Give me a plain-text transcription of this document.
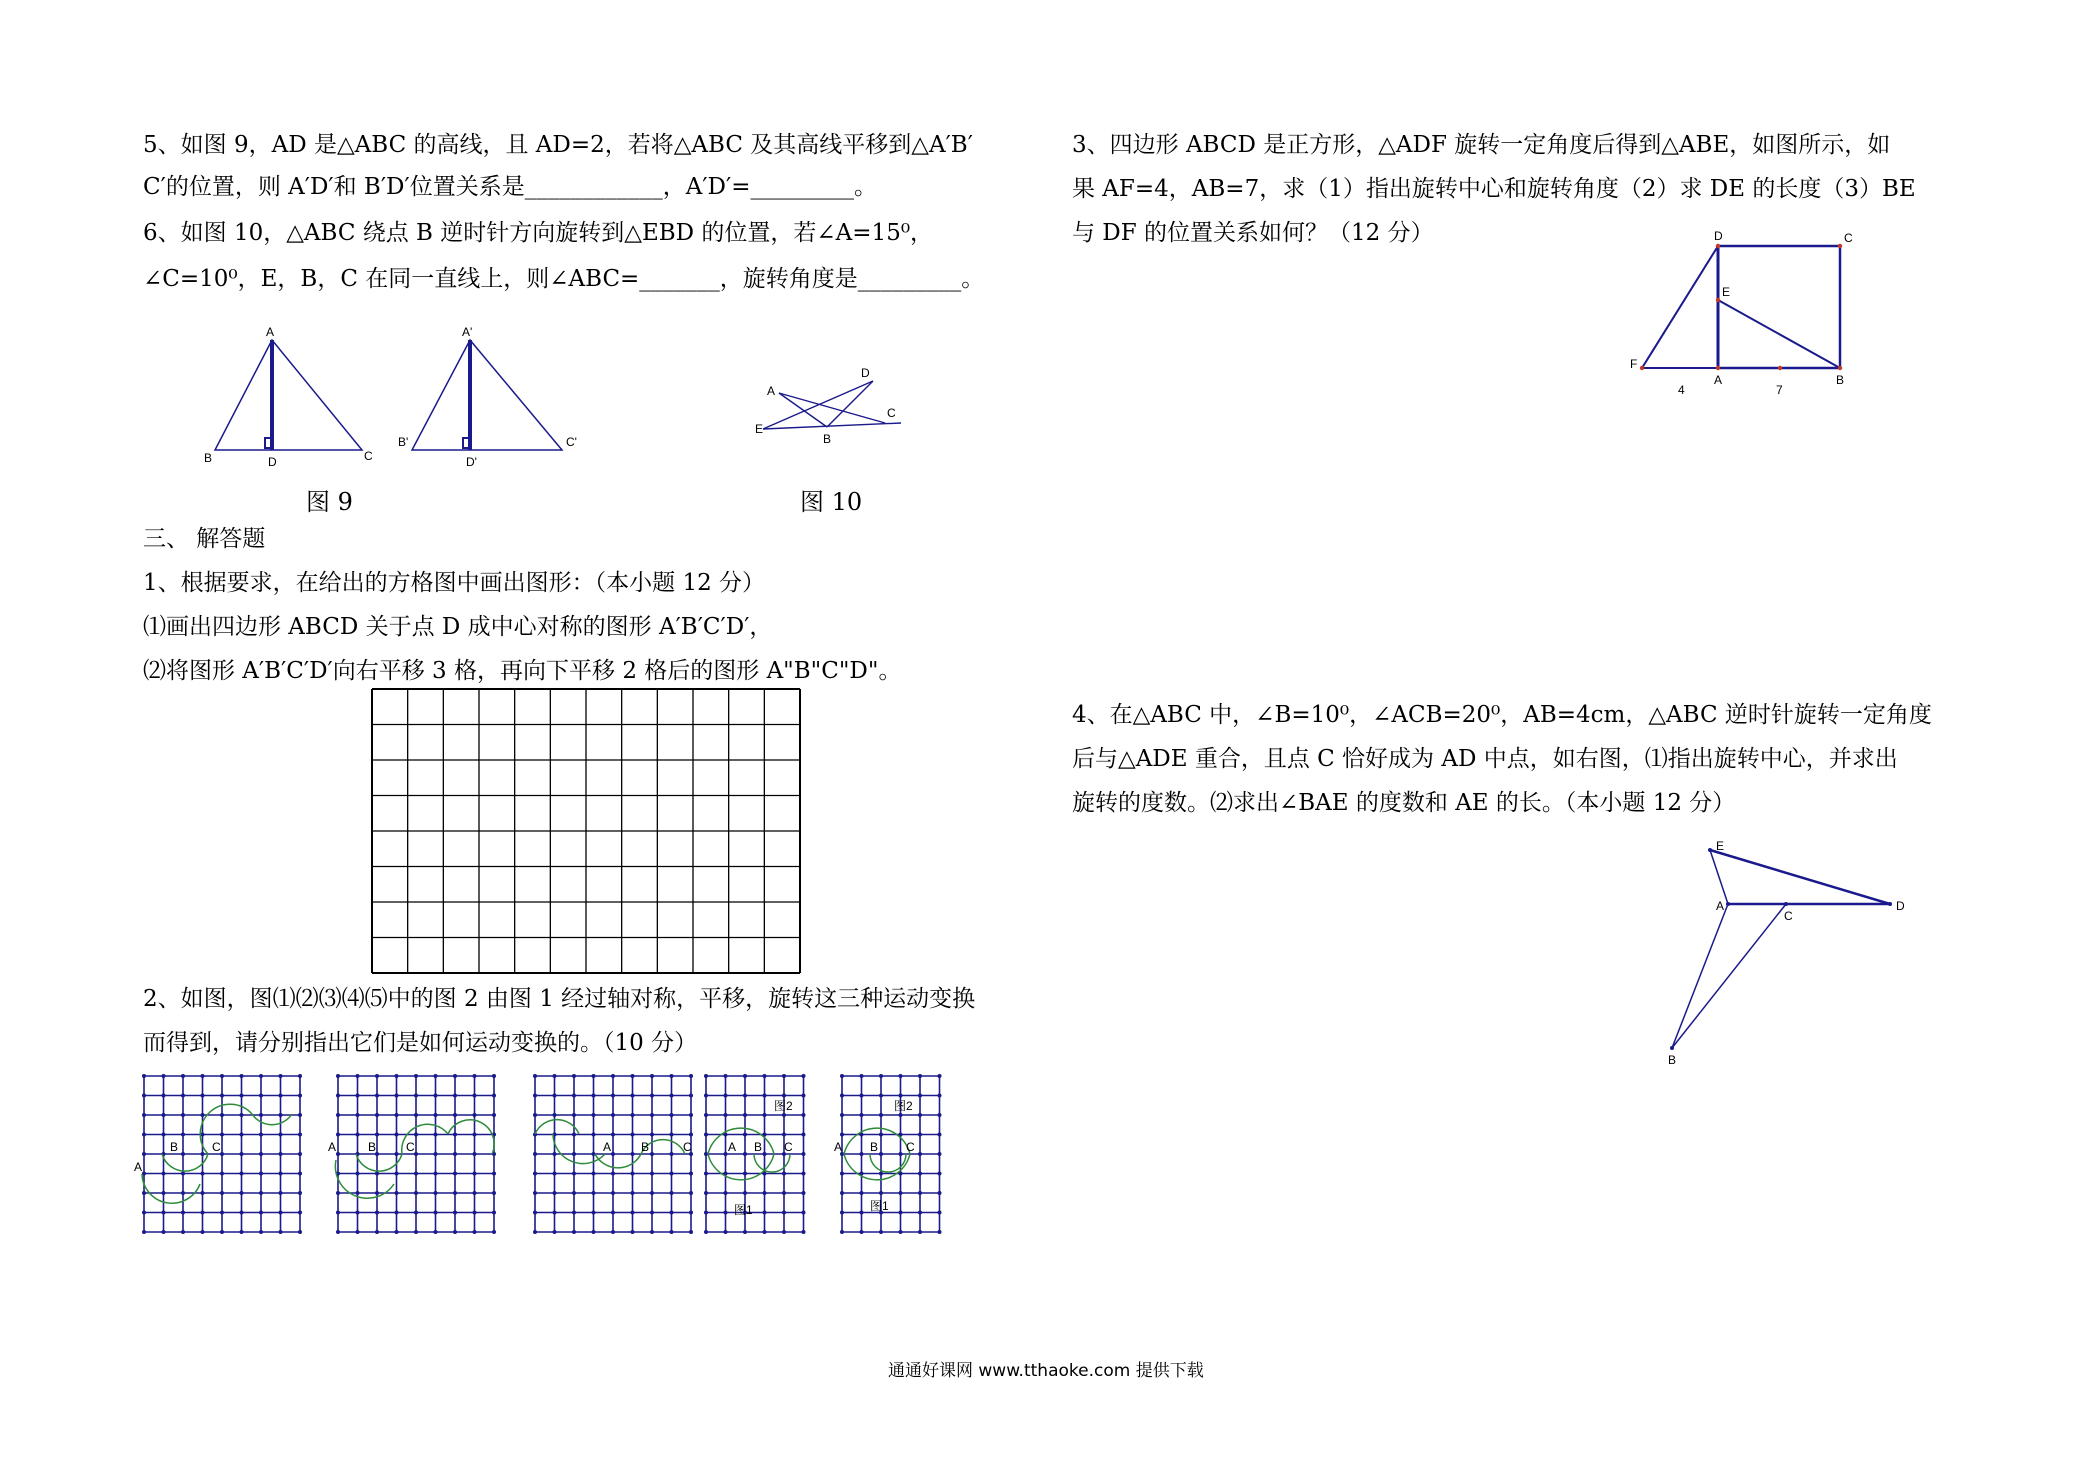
5、如图 9，AD 是△ABC 的高线，且 AD=2，若将△ABC 及其高线平移到△A′B′
C′的位置，则 A′D′和 B′D′位置关系是____________，A′D′=_________。
6、如图 10，△ABC 绕点 B 逆时针方向旋转到△EBD 的位置，若∠A=15⁰，
∠C=10⁰，E，B，C 在同一直线上，则∠ABC=_______，旋转角度是_________。
A
B	D	C
A'
B'
D'
C'
图 9
A
D
C
E
B
图 10
三、 解答题
1、根据要求，在给出的方格图中画出图形：（本小题 12 分）
⑴画出四边形 ABCD 关于点 D 成中心对称的图形 A′B′C′D′，
⑵将图形 A′B′C′D′向右平移 3 格，再向下平移 2 格后的图形 A"B"C"D"。
2、如图，图⑴⑵⑶⑷⑸中的图 2 由图 1 经过轴对称，平移，旋转这三种运动变换
而得到，请分别指出它们是如何运动变换的。（10 分）
A
B	C	A	B C	A B	C
图2
A B C
图1
图2
A B C
图1
3、四边形 ABCD 是正方形，△ADF 旋转一定角度后得到△ABE，如图所示，如
果 AF=4，AB=7，求（1）指出旋转中心和旋转角度（2）求 DE 的长度（3）BE
与 DF 的位置关系如何？（12 分）	D	C
E
F
A	B
4	7
4、在△ABC 中，∠B=10⁰，∠ACB=20⁰，AB=4cm，△ABC 逆时针旋转一定角度
后与△ADE 重合，且点 C 恰好成为 AD 中点，如右图，⑴指出旋转中心，并求出
旋转的度数。⑵求出∠BAE 的度数和 AE 的长。（本小题 12 分）
E
A
C
D
B
通通好课网 www.tthaoke.com 提供下载
